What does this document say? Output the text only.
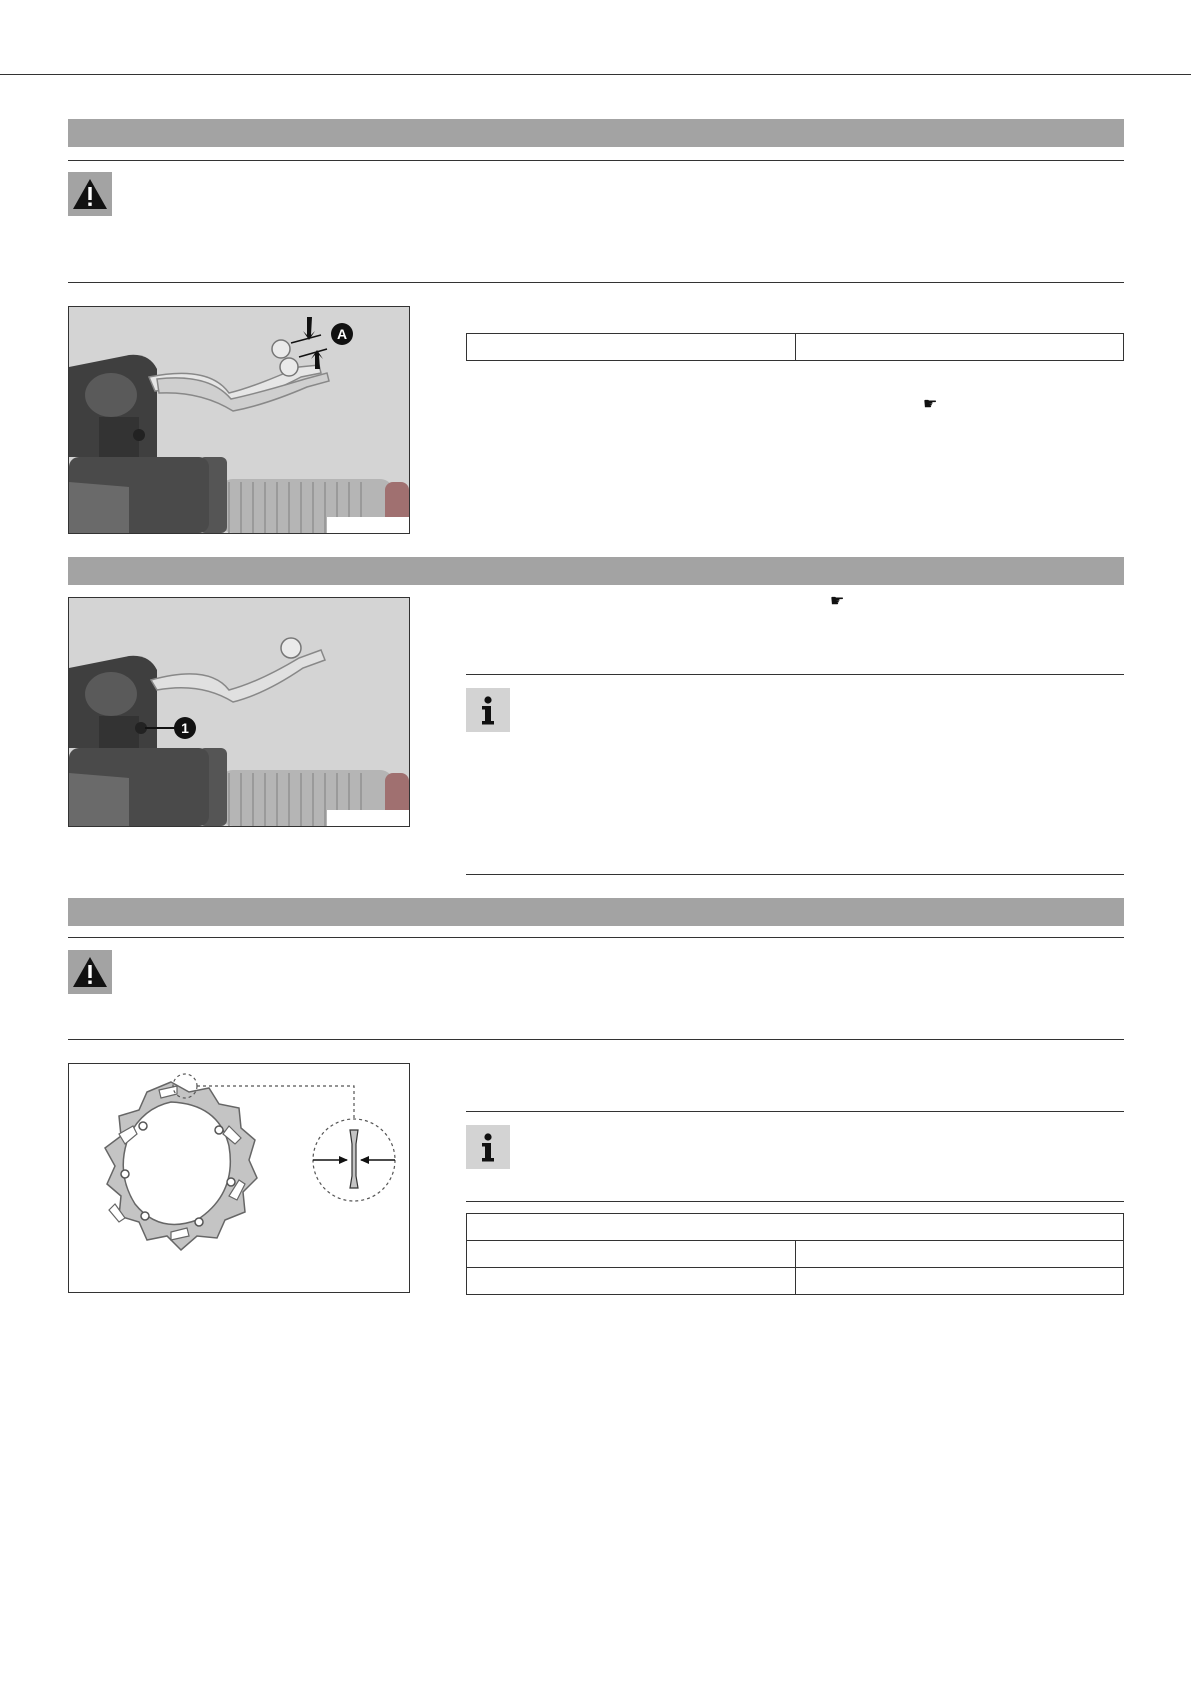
A

☛
1
☛
